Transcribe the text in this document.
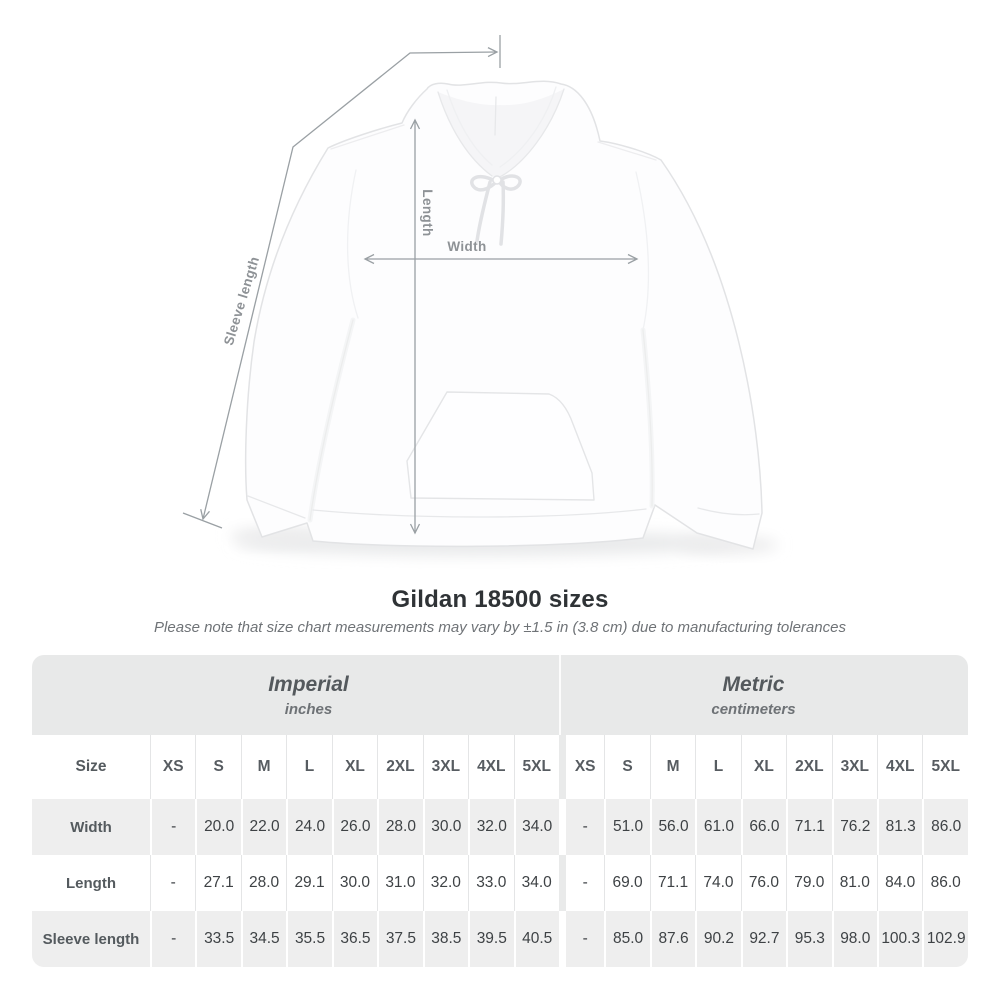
Length
Width
Sleeve length
Gildan 18500 sizes
Please note that size chart measurements may vary by ±1.5 in (3.8 cm) due to manufacturing tolerances
Imperial
inches

Metric
centimeters

Size	XS	S	M	L	XL	2XL	3XL	4XL	5XL	XS	S	M	L	XL	2XL	3XL	4XL	5XL
Width	-	20.0	22.0	24.0	26.0	28.0	30.0	32.0	34.0	-	51.0	56.0	61.0	66.0	71.1	76.2	81.3	86.0
Length	-	27.1	28.0	29.1	30.0	31.0	32.0	33.0	34.0	-	69.0	71.1	74.0	76.0	79.0	81.0	84.0	86.0
Sleeve length	-	33.5	34.5	35.5	36.5	37.5	38.5	39.5	40.5	-	85.0	87.6	90.2	92.7	95.3	98.0	100.3	102.9
